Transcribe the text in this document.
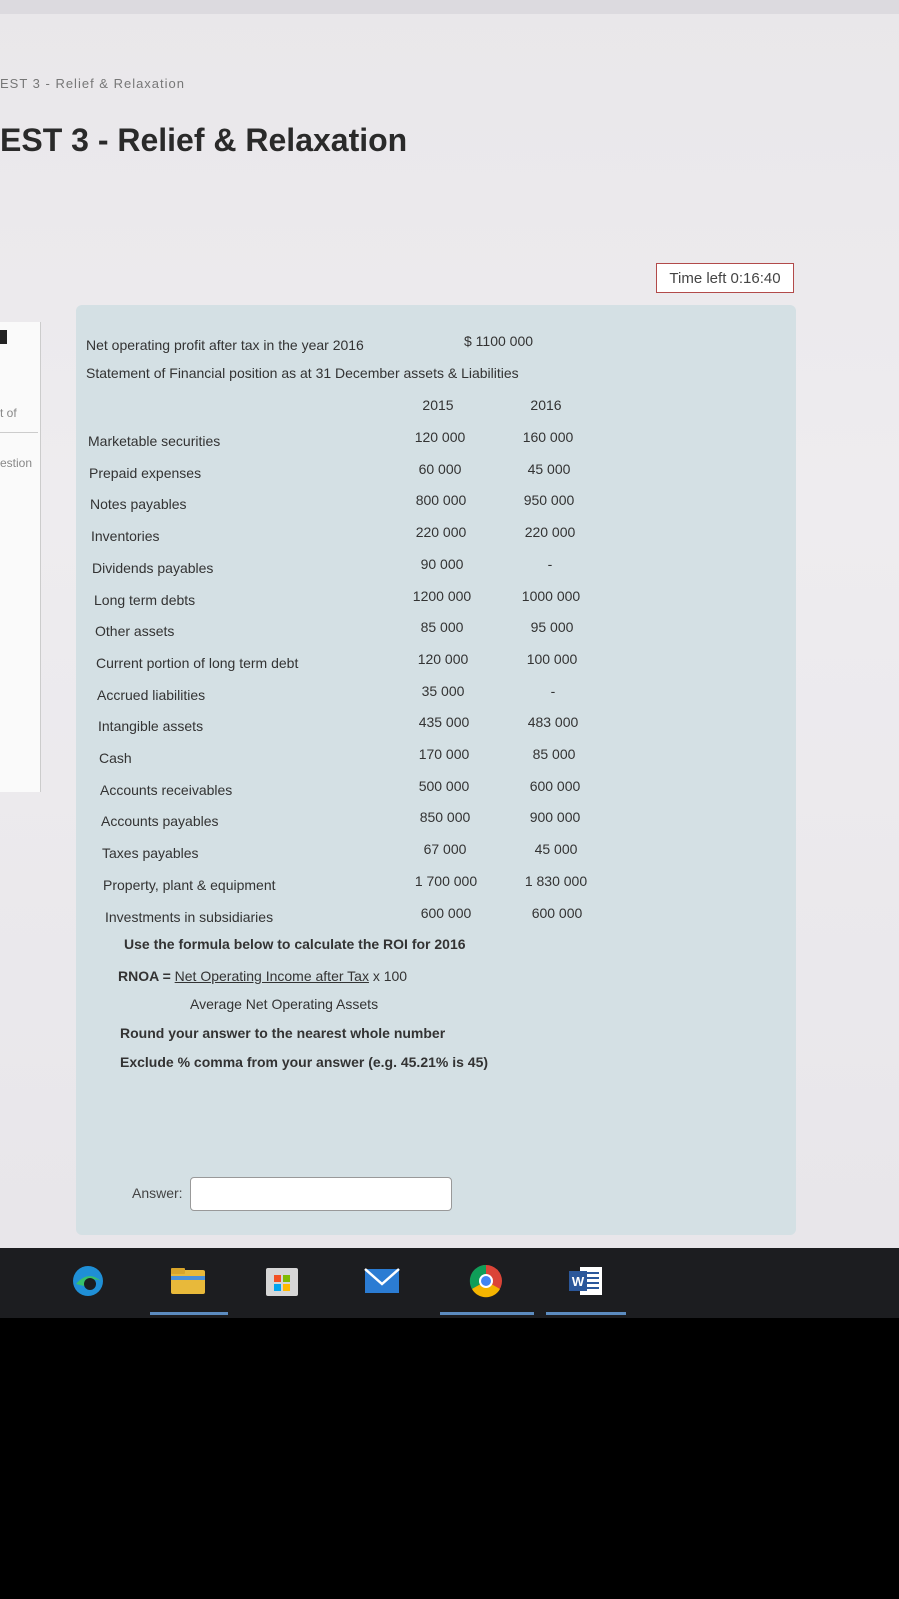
EST 3 - Relief & Relaxation
EST 3 - Relief & Relaxation
Time left 0:16:40
t of
estion
Net operating profit after tax in the year 2016	$ 1100 000
Statement of Financial position as at 31 December assets & Liabilities
2015	2016
Marketable securities	120 000	160 000
Prepaid expenses	60 000	45 000
Notes payables	800 000	950 000
Inventories	220 000	220 000
Dividends payables	90 000	-
Long term debts	1200 000	1000 000
Other assets	85 000	95 000
Current portion of long term debt	120 000	100 000
Accrued liabilities	35 000	-
Intangible assets	435 000	483 000
Cash	170 000	85 000
Accounts receivables	500 000	600 000
Accounts payables	850 000	900 000
Taxes payables	67 000	45 000
Property, plant & equipment	1 700 000	1 830 000
Investments in subsidiaries	600 000	600 000
Use the formula below to calculate the ROI for 2016
RNOA = Net Operating Income after Tax x 100
Average Net Operating Assets
Round your answer to the nearest whole number
Exclude % comma from your answer (e.g. 45.21% is 45)
Answer:
W
